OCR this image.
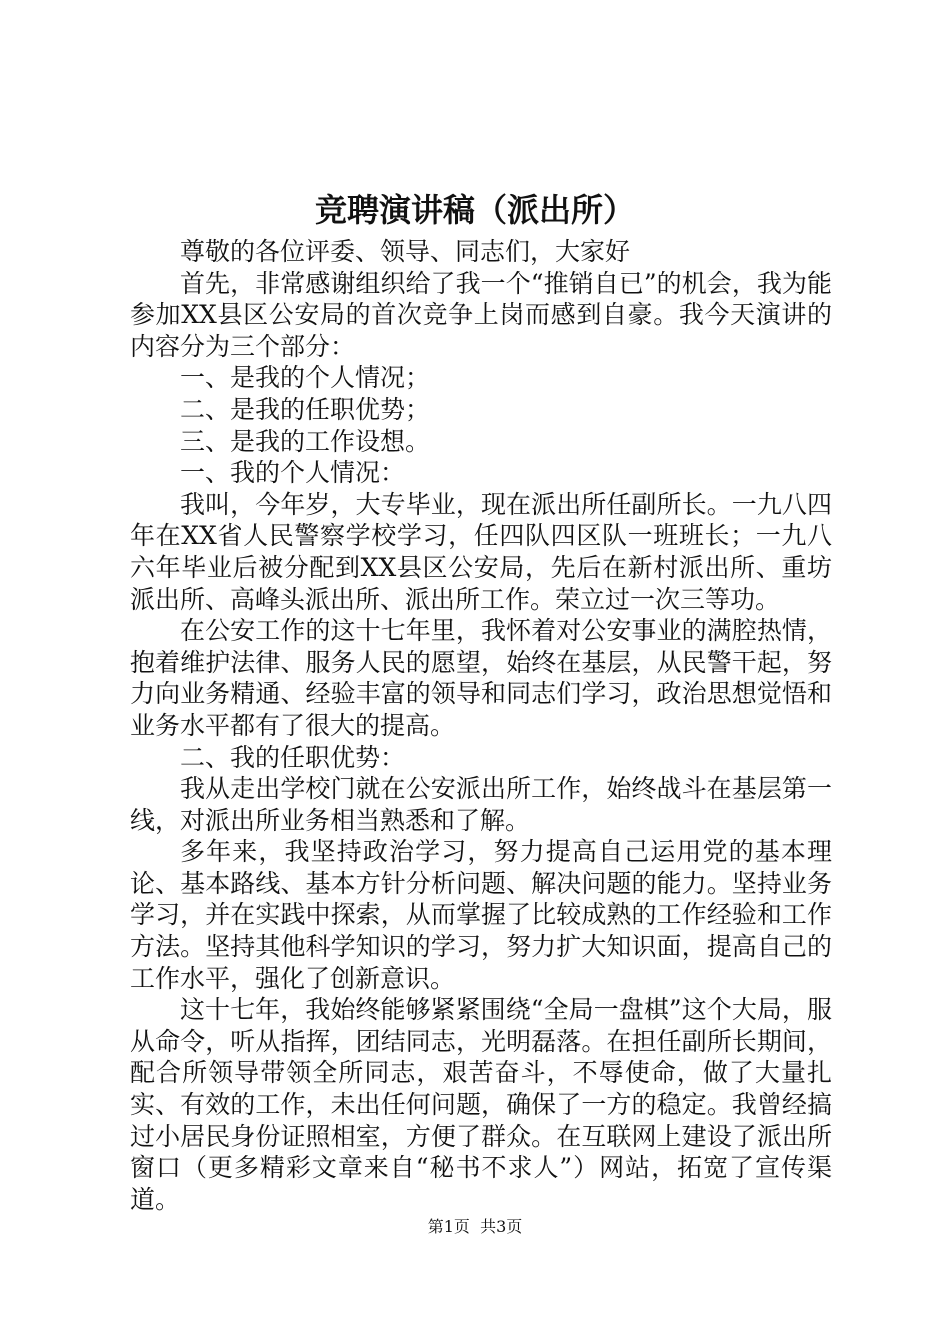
竞聘演讲稿（派出所）

尊敬的各位评委、领导、同志们，大家好

首先，非常感谢组织给了我一个“推销自已”的机会，我为能参加XX县区公安局的首次竞争上岗而感到自豪。我今天演讲的内容分为三个部分：

一、是我的个人情况；

二、是我的任职优势；

三、是我的工作设想。

一、我的个人情况：

我叫，今年岁，大专毕业，现在派出所任副所长。一九八四年在XX省人民警察学校学习，任四队四区队一班班长；一九八六年毕业后被分配到XX县区公安局，先后在新村派出所、重坊派出所、高峰头派出所、派出所工作。荣立过一次三等功。

在公安工作的这十七年里，我怀着对公安事业的满腔热情，抱着维护法律、服务人民的愿望，始终在基层，从民警干起，努力向业务精通、经验丰富的领导和同志们学习，政治思想觉悟和业务水平都有了很大的提高。

二、我的任职优势：

我从走出学校门就在公安派出所工作，始终战斗在基层第一线，对派出所业务相当熟悉和了解。

多年来，我坚持政治学习，努力提高自己运用党的基本理论、基本路线、基本方针分析问题、解决问题的能力。坚持业务学习，并在实践中探索，从而掌握了比较成熟的工作经验和工作方法。坚持其他科学知识的学习，努力扩大知识面，提高自己的工作水平，强化了创新意识。

这十七年，我始终能够紧紧围绕“全局一盘棋”这个大局，服从命令，听从指挥，团结同志，光明磊落。在担任副所长期间，配合所领导带领全所同志，艰苦奋斗，不辱使命，做了大量扎实、有效的工作，未出任何问题，确保了一方的稳定。我曾经搞过小居民身份证照相室，方便了群众。在互联网上建设了派出所窗口（更多精彩文章来自“秘书不求人”）网站，拓宽了宣传渠道。

第1页  共3页
